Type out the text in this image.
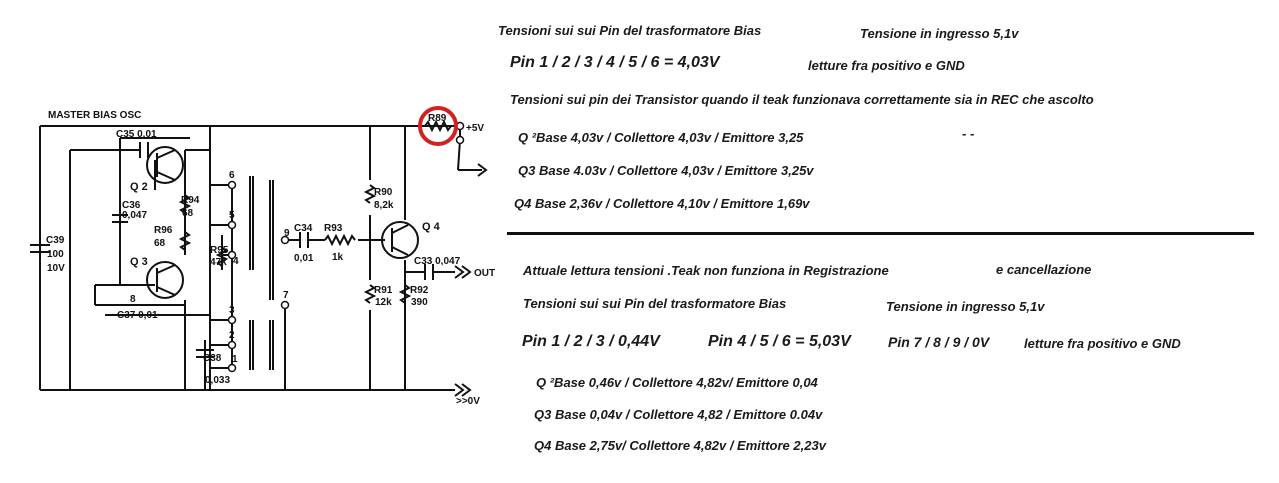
MASTER BIAS OSC
C35 0,01
Q 2
C36
0,047
R94
68
R96
68
C39
100
10V
Q 3
8
C37 0,01
6
5
R95
47k 4
9 C34
0,01
R93
1k
7
3
2
C38 1
0,033
R89
+5V
R90
8,2k
Q 4
C33 0,047
OUT
R91
12k
R92
390
>>0V
Tensioni sui sui Pin del trasformatore Bias	Tensione in ingresso 5,1v
Pin 1 / 2 / 3 / 4 / 5 / 6 = 4,03V	letture fra positivo e GND
Tensioni sui pin dei Transistor quando il teak funzionava correttamente sia in REC che ascolto
Q ²Base 4,03v / Collettore 4,03v / Emittore 3,25	- -
Q3 Base 4.03v / Collettore 4,03v / Emittore 3,25v
Q4 Base 2,36v / Collettore 4,10v / Emittore 1,69v
Attuale lettura tensioni .Teak non funziona in Registrazione	e cancellazione
Tensioni sui sui Pin del trasformatore Bias	Tensione in ingresso 5,1v
Pin 1 / 2 / 3 / 0,44V	Pin 4 / 5 / 6 = 5,03V	Pin 7 / 8 / 9 / 0V	letture fra positivo e GND
Q ²Base 0,46v / Collettore 4,82v/ Emittore 0,04
Q3 Base 0,04v / Collettore 4,82 / Emittore 0.04v
Q4 Base 2,75v/ Collettore 4,82v / Emittore 2,23v
